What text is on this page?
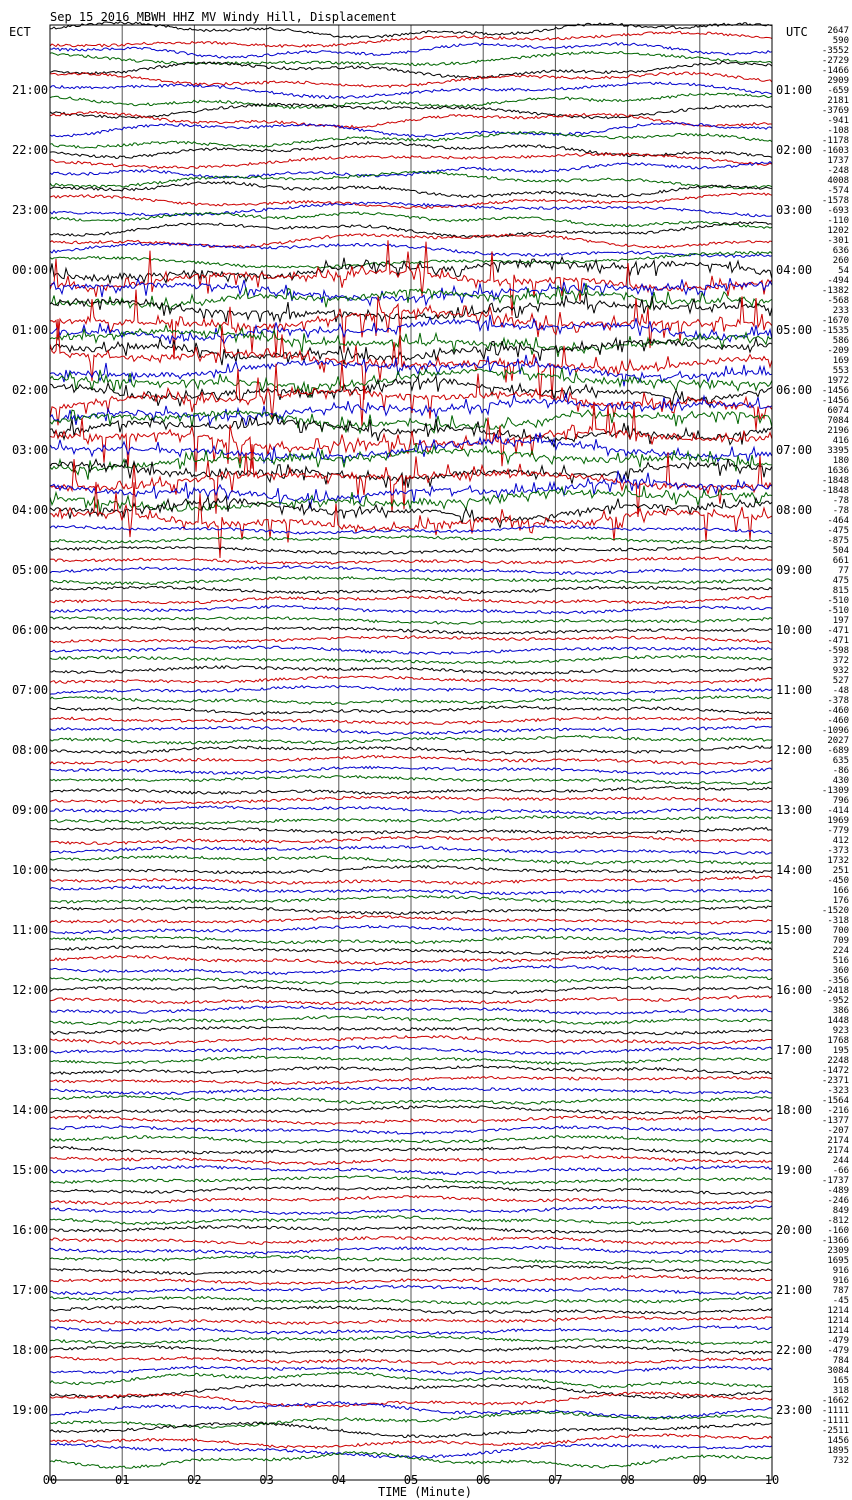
Sep 15 2016 MBWH HHZ MV Windy Hill, Displacement
ECT	UTC
21:00
22:00
23:00
00:00
01:00
02:00
03:00
04:00
05:00
06:00
07:00
08:00
09:00
10:00
11:00
12:00
13:00
14:00
15:00
16:00
17:00
18:00
19:00
01:00
02:00
03:00
04:00
05:00
06:00
07:00
08:00
09:00
10:00
11:00
12:00
13:00
14:00
15:00
16:00
17:00
18:00
19:00
20:00
21:00
22:00
23:00
2647
590
-3552
-2729
-1466
2909
-659
2181
-3769
-941
-108
-1178
-1603
1737
-248
4008
-574
-1578
-693
-110
1202
-301
636
260
54
-494
-1382
-568
233
-1670
-1535
586
-209
169
553
1972
-1456
-1456
6074
7084
2196
416
3395
180
1636
-1848
-1848
-78
-78
-464
-475
-875
504
661
77
475
815
-510
-510
197
-471
-471
-598
372
932
527
-48
-378
-460
-460
-1096
2027
-689
635
-86
430
-1309
796
-414
1969
-779
412
-373
1732
251
-450
166
176
-1520
-318
700
709
224
516
360
-356
-2418
-952
386
1448
923
1768
195
2248
-1472
-2371
-323
-1564
-216
-1377
-207
2174
2174
244
-66
-1737
-489
-246
849
-812
-160
-1366
2309
1695
916
916
787
-45
1214
1214
1214
-479
-479
784
3084
165
318
-1662
-1111
-1111
-2511
1456
1895
732
00	01	02	03	04	05	06	07	08	09	10
TIME (Minute)
